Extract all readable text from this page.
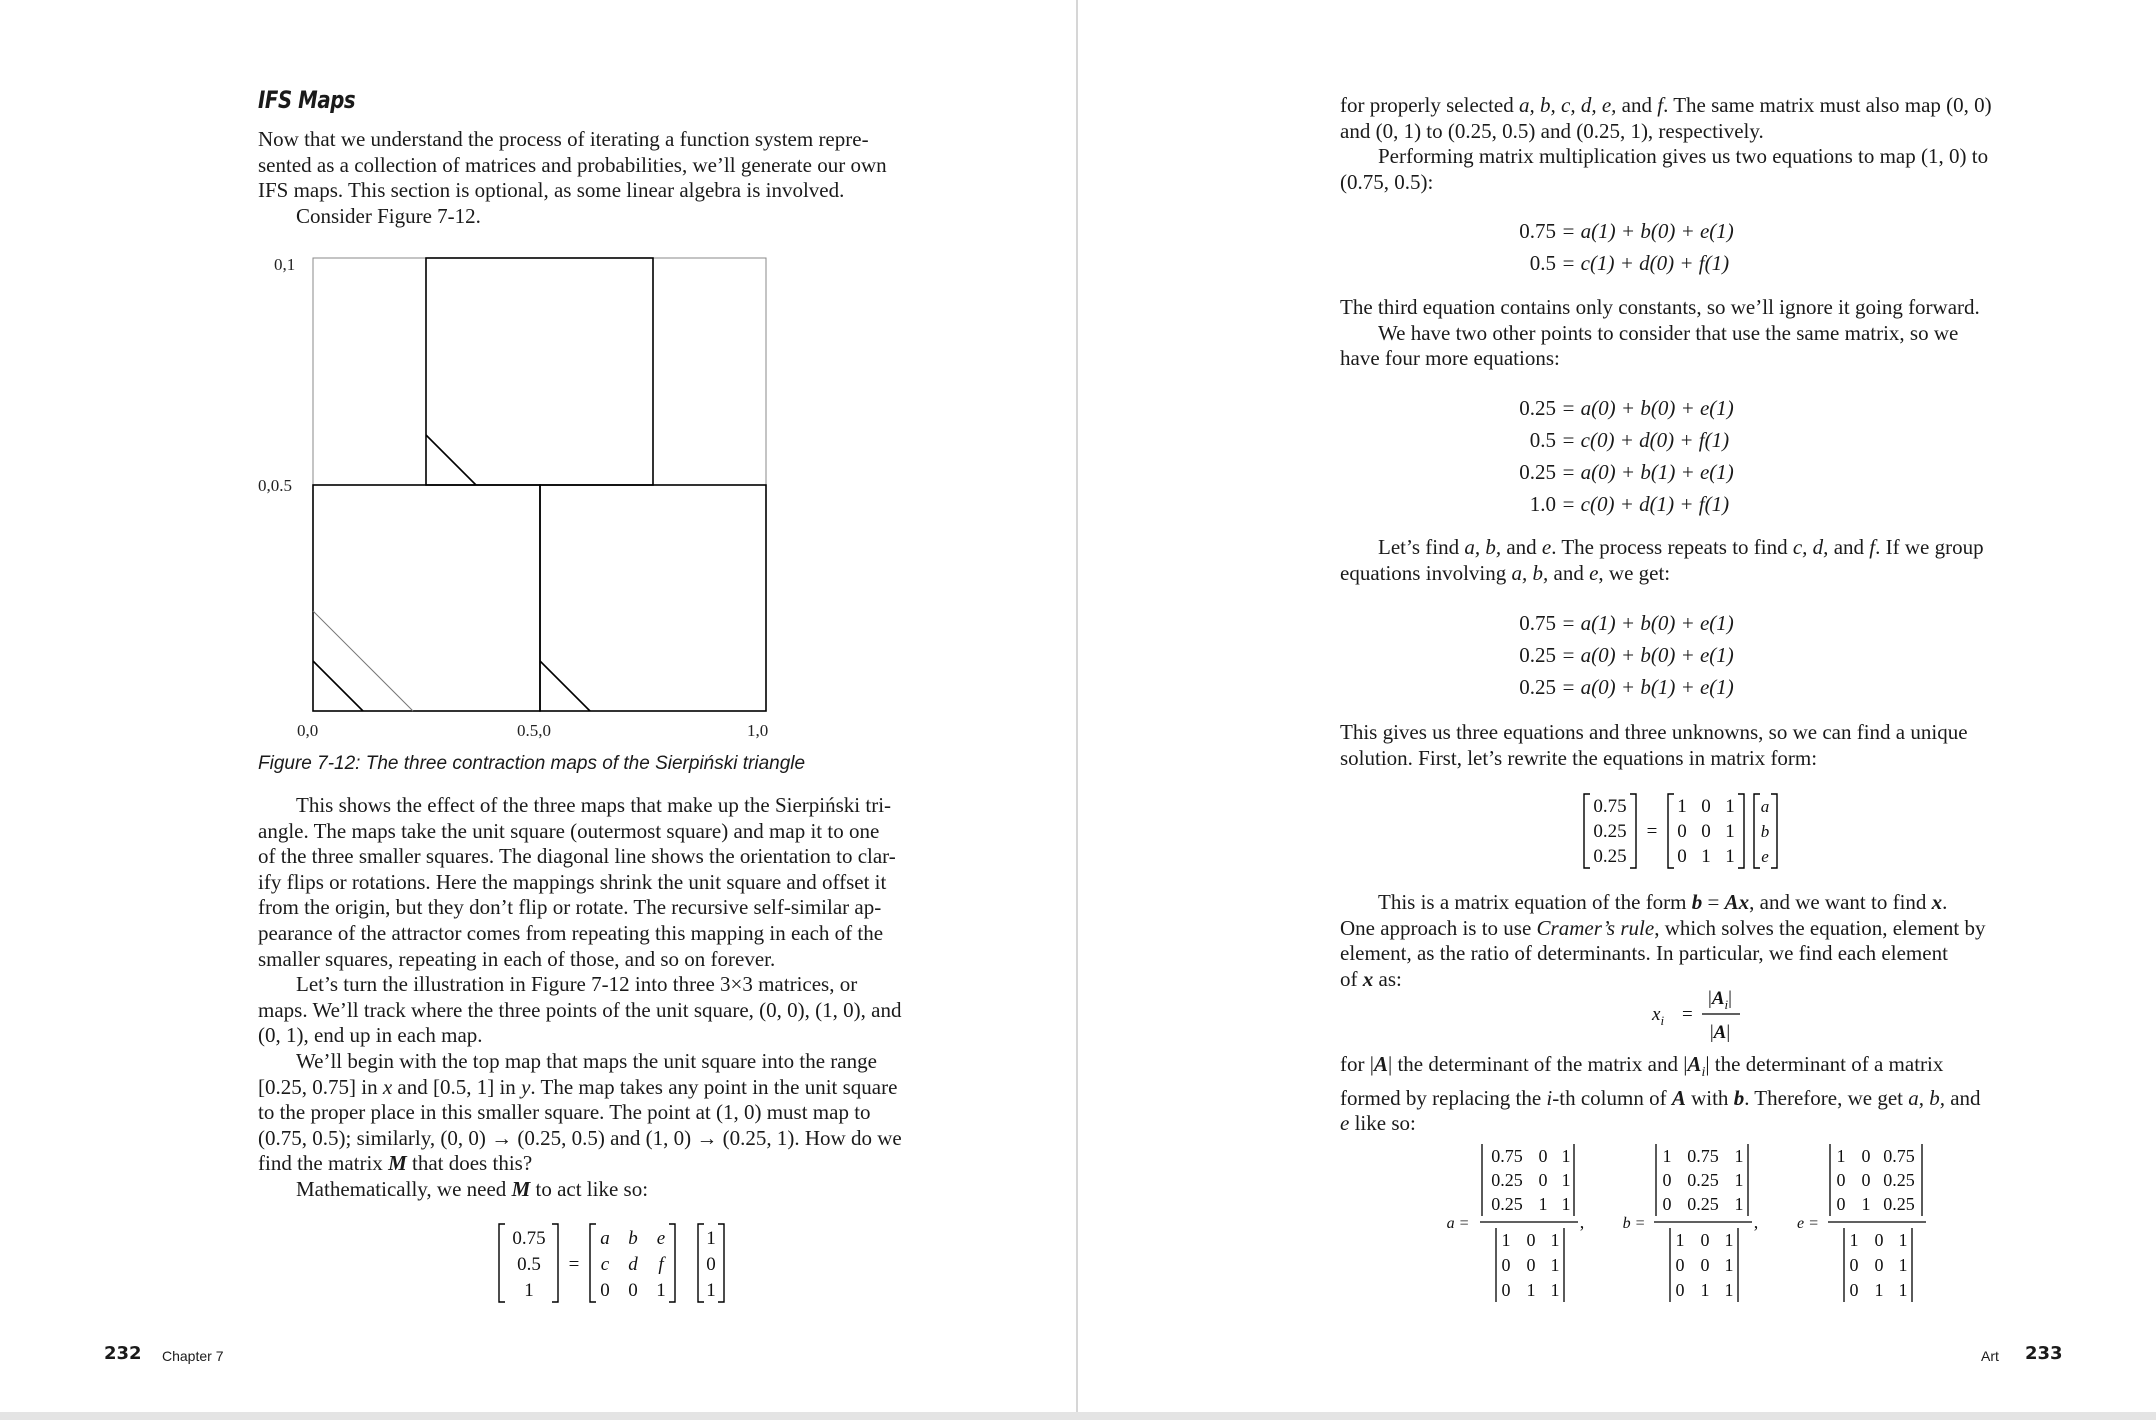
IFS Maps

Now that we understand the process of iterating a function system repre-

sented as a collection of matrices and probabilities, we’ll generate our own

IFS maps. This section is optional, as some linear algebra is involved.

Consider Figure 7-12.

0,1
0,0.5
0,0	0.5,0	1,0
Figure 7-12: The three contraction maps of the Sierpiński triangle

This shows the effect of the three maps that make up the Sierpiński tri-

angle. The maps take the unit square (outermost square) and map it to one

of the three smaller squares. The diagonal line shows the orientation to clar-

ify flips or rotations. Here the mappings shrink the unit square and offset it

from the origin, but they don’t flip or rotate. The recursive self-similar ap-

pearance of the attractor comes from repeating this mapping in each of the

smaller squares, repeating in each of those, and so on forever.

Let’s turn the illustration in Figure 7-12 into three 3×3 matrices, or

maps. We’ll track where the three points of the unit square, (0, 0), (1, 0), and

(0, 1), end up in each map.

We’ll begin with the top map that maps the unit square into the range

[0.25, 0.75] in x and [0.5, 1] in y. The map takes any point in the unit square

to the proper place in this smaller square. The point at (1, 0) must map to

(0.75, 0.5); similarly, (0, 0) → (0.25, 0.5) and (1, 0) → (0.25, 1). How do we

find the matrix M that does this?

Mathematically, we need M to act like so:

0.75
0.5
1
=
a b e
c d f
0 0 1
1
0
1
232 Chapter 7

for properly selected a, b, c, d, e, and f. The same matrix must also map (0, 0)

and (0, 1) to (0.25, 0.5) and (0.25, 1), respectively.

Performing matrix multiplication gives us two equations to map (1, 0) to

(0.75, 0.5):

0.75 = a(1) + b(0) + e(1)
0.5 = c(1) + d(0) + f(1)

The third equation contains only constants, so we’ll ignore it going forward.

We have two other points to consider that use the same matrix, so we

have four more equations:

0.25 = a(0) + b(0) + e(1)
0.5 = c(0) + d(0) + f(1)
0.25 = a(0) + b(1) + e(1)
1.0 = c(0) + d(1) + f(1)

Let’s find a, b, and e. The process repeats to find c, d, and f. If we group

equations involving a, b, and e, we get:

0.75 = a(1) + b(0) + e(1)
0.25 = a(0) + b(0) + e(1)
0.25 = a(0) + b(1) + e(1)

This gives us three equations and three unknowns, so we can find a unique

solution. First, let’s rewrite the equations in matrix form:

0.75
0.25
0.25
=
1 0 1
0 0 1
0 1 1
a
b
e

This is a matrix equation of the form b = Ax, and we want to find x.

One approach is to use Cramer’s rule, which solves the equation, element by

element, as the ratio of determinants. In particular, we find each element

of x as:

$x_i$ =
$|A_i|$
|A|

for |A| the determinant of the matrix and $|A_i|$ the determinant of a matrix

formed by replacing the i-th column of A with b. Therefore, we get a, b, and

e like so:

a =	b =	e =
,	,
0.75 0 1
0.25 0 1
0.25 1 1
1 0 1
0 0 1
0 1 1
1 0.75 1
0 0.25 1
0 0.25 1
1 0 1
0 0 1
0 1 1
1 0 0.75
0 0 0.25
0 1 0.25
1 0 1
0 0 1
0 1 1
Art 233
